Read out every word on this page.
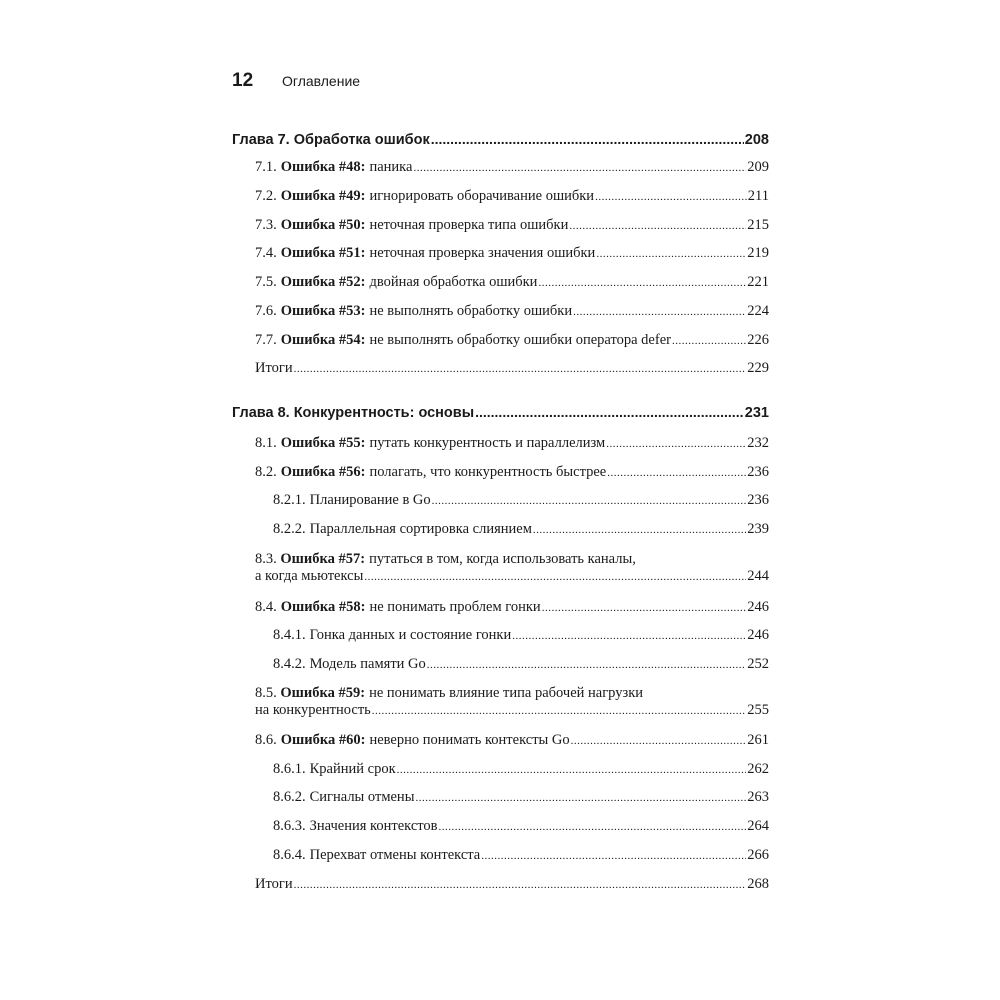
12	Оглавление
Глава 7. Обработка ошибок .....	208
7.1. Ошибка #48: паника .....	209
7.2. Ошибка #49: игнорировать оборачивание ошибки .....	211
7.3. Ошибка #50: неточная проверка типа ошибки .....	215
7.4. Ошибка #51: неточная проверка значения ошибки .....	219
7.5. Ошибка #52: двойная обработка ошибки .....	221
7.6. Ошибка #53: не выполнять обработку ошибки .....	224
7.7. Ошибка #54: не выполнять обработку ошибки оператора defer .....	226
Итоги .....	229
Глава 8. Конкурентность: основы .....	231
8.1. Ошибка #55: путать конкурентность и параллелизм .....	232
8.2. Ошибка #56: полагать, что конкурентность быстрее .....	236
8.2.1. Планирование в Go .....	236
8.2.2. Параллельная сортировка слиянием .....	239
8.3. Ошибка #57: путаться в том, когда использовать каналы,
а когда мьютексы .....	244
8.4. Ошибка #58: не понимать проблем гонки .....	246
8.4.1. Гонка данных и состояние гонки .....	246
8.4.2. Модель памяти Go .....	252
8.5. Ошибка #59: не понимать влияние типа рабочей нагрузки
на конкурентность .....	255
8.6. Ошибка #60: неверно понимать контексты Go .....	261
8.6.1. Крайний срок .....	262
8.6.2. Сигналы отмены .....	263
8.6.3. Значения контекстов .....	264
8.6.4. Перехват отмены контекста .....	266
Итоги .....	268
